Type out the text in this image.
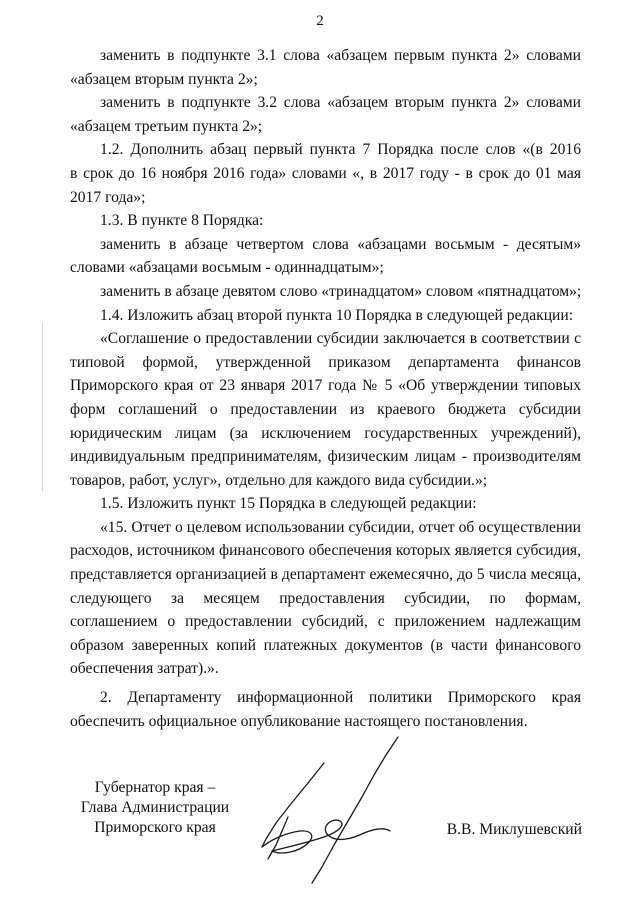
2
заменить в подпункте 3.1 слова «абзацем первым пункта 2» словами
«абзацем вторым пункта 2»;
заменить в подпункте 3.2 слова «абзацем вторым пункта 2» словами
«абзацем третьим пункта 2»;
1.2. Дополнить абзац первый пункта 7 Порядка после слов «(в 2016
в срок до 16 ноября 2016 года» словами «, в 2017 году - в срок до 01 мая
2017 года»;
1.3. В пункте 8 Порядка:
заменить в абзаце четвертом слова «абзацами восьмым - десятым»
словами «абзацами восьмым - одиннадцатым»;
заменить в абзаце девятом слово «тринадцатом» словом «пятнадцатом»;
1.4. Изложить абзац второй пункта 10 Порядка в следующей редакции:
«Соглашение о предоставлении субсидии заключается в соответствии с
типовой формой, утвержденной приказом департамента финансов
Приморского края от 23 января 2017 года № 5 «Об утверждении типовых
форм соглашений о предоставлении из краевого бюджета субсидии
юридическим лицам (за исключением государственных учреждений),
индивидуальным предпринимателям, физическим лицам - производителям
товаров, работ, услуг», отдельно для каждого вида субсидии.»;
1.5. Изложить пункт 15 Порядка в следующей редакции:
«15. Отчет о целевом использовании субсидии, отчет об осуществлении
расходов, источником финансового обеспечения которых является субсидия,
представляется организацией в департамент ежемесячно, до 5 числа месяца,
следующего за месяцем предоставления субсидии, по формам,
соглашением о предоставлении субсидий, с приложением надлежащим
образом заверенных копий платежных документов (в части финансового
обеспечения затрат).».
2. Департаменту информационной политики Приморского края
обеспечить официальное опубликование настоящего постановления.
Губернатор края –
Глава Администрации
Приморского края	В.В. Миклушевский
